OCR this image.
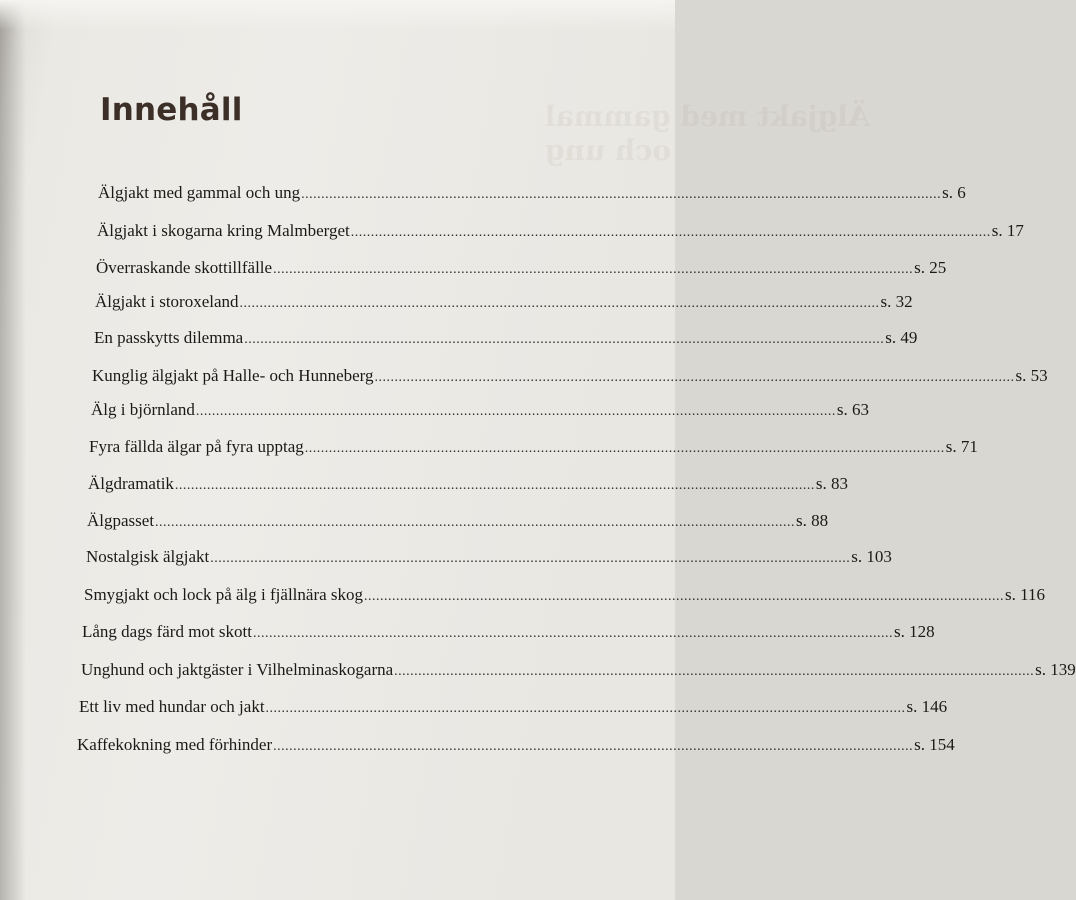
Älgjakt med gammal
och ung
Innehåll
Älgjakt med gammal och ung .....	s. 6
Älgjakt i skogarna kring Malmberget .....	s. 17
Överraskande skottillfälle .....	s. 25
Älgjakt i storoxeland .....	s. 32
En passkytts dilemma .....	s. 49
Kunglig älgjakt på Halle- och Hunneberg .....	s. 53
Älg i björnland .....	s. 63
Fyra fällda älgar på fyra upptag .....	s. 71
Älgdramatik .....	s. 83
Älgpasset .....	s. 88
Nostalgisk älgjakt .....	s. 103
Smygjakt och lock på älg i fjällnära skog .....	s. 116
Lång dags färd mot skott .....	s. 128
Unghund och jaktgäster i Vilhelminaskogarna .....	s. 139
Ett liv med hundar och jakt .....	s. 146
Kaffekokning med förhinder .....	s. 154
